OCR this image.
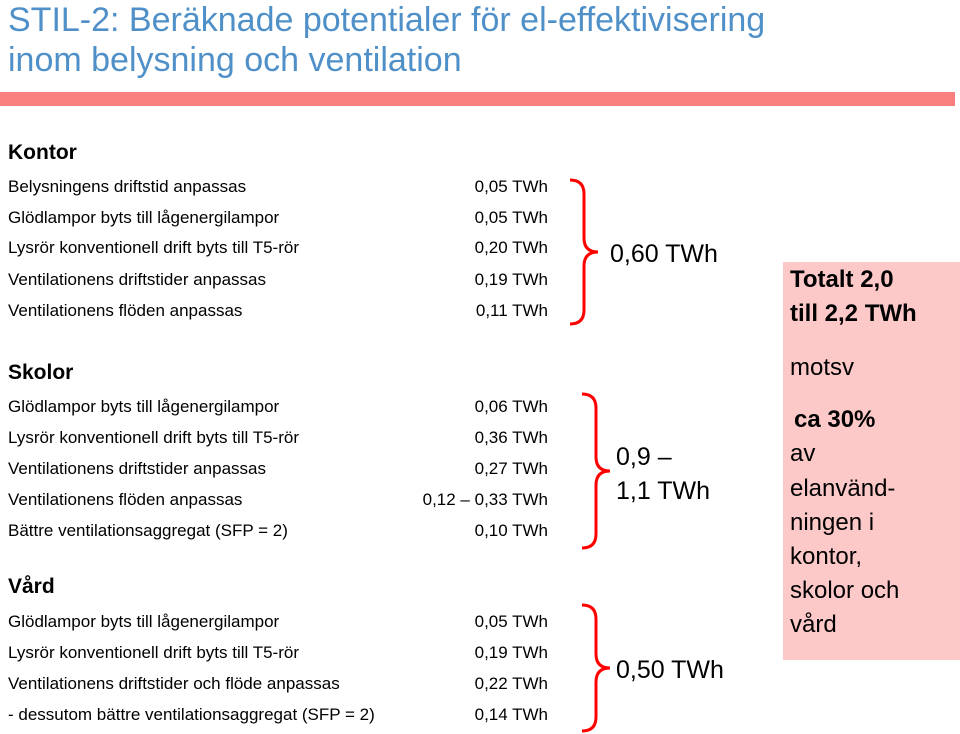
STIL-2: Beräknade potentialer för el-effektivisering
inom belysning och ventilation
Kontor
Belysningens driftstid anpassas	0,05 TWh
Glödlampor byts till lågenergilampor	0,05 TWh
Lysrör konventionell drift byts till T5-rör	0,20 TWh
Ventilationens driftstider anpassas	0,19 TWh
Ventilationens flöden anpassas	0,11 TWh
0,60 TWh
Skolor
Glödlampor byts till lågenergilampor	0,06 TWh
Lysrör konventionell drift byts till T5-rör	0,36 TWh
Ventilationens driftstider anpassas	0,27 TWh
Ventilationens flöden anpassas	0,12 – 0,33 TWh
Bättre ventilationsaggregat (SFP = 2)	0,10 TWh
0,9 –
1,1 TWh
Vård
Glödlampor byts till lågenergilampor	0,05 TWh
Lysrör konventionell drift byts till T5-rör	0,19 TWh
Ventilationens driftstider och flöde anpassas	0,22 TWh
- dessutom bättre ventilationsaggregat (SFP = 2)	0,14 TWh
0,50 TWh
Totalt 2,0
till 2,2 TWh
motsv
ca 30%
av
elanvänd-
ningen i
kontor,
skolor och
vård
